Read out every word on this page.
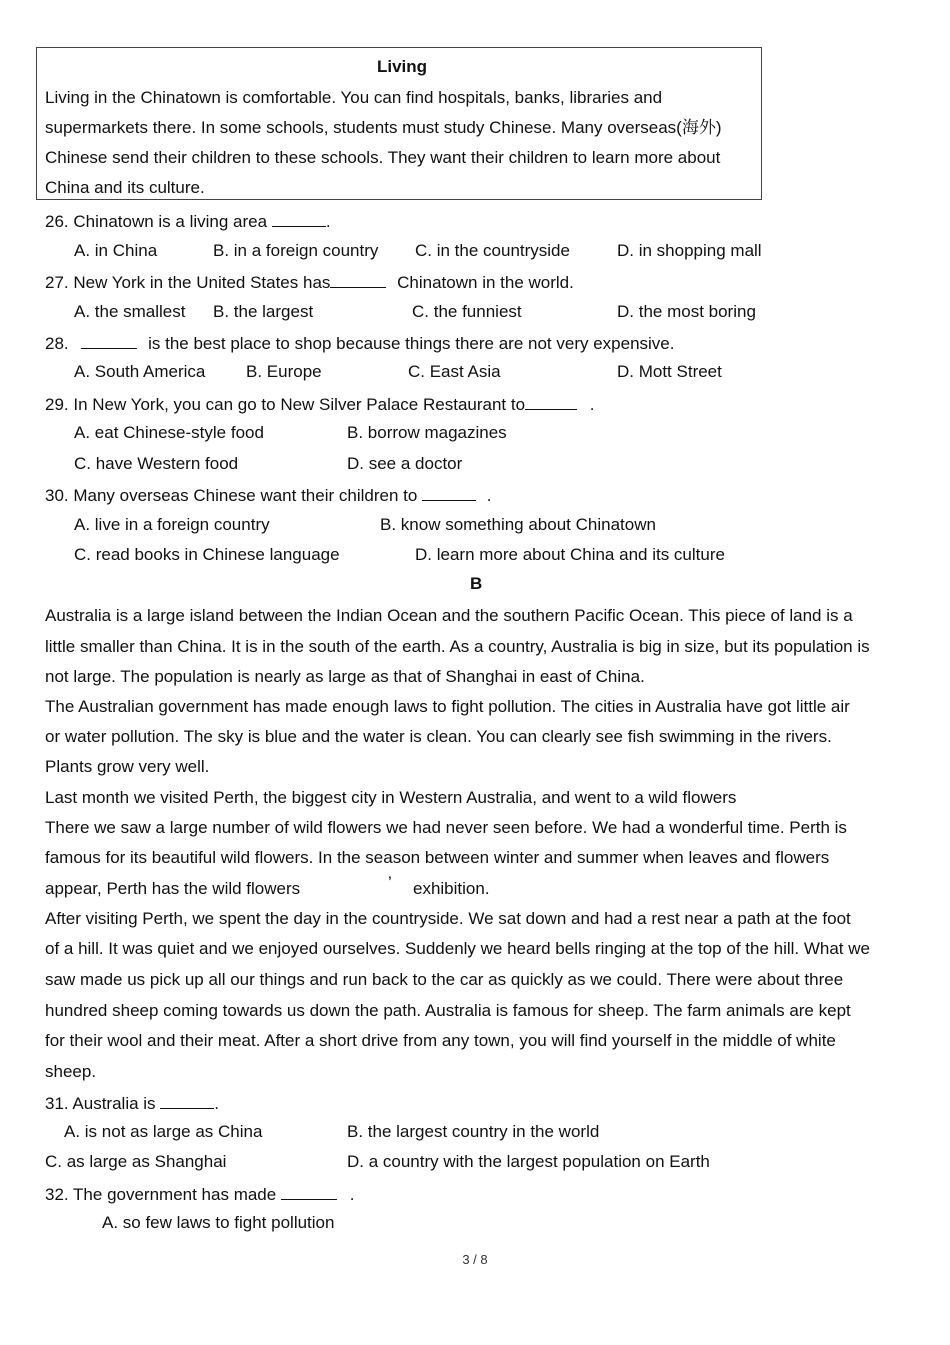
Living
Living in the Chinatown is comfortable. You can find hospitals, banks, libraries and
supermarkets there. In some schools, students must study Chinese. Many overseas(海外)
Chinese send their children to these schools. They want their children to learn more about
China and its culture.
26. Chinatown is a living area	.
A. in China	B. in a foreign country C. in the countryside	D. in shopping mall
27. New York in the United States has	Chinatown in the world.
A. the smallest B. the largest	C. the funniest	D. the most boring
28.	is the best place to shop because things there are not very expensive.
A. South America B. Europe	C. East Asia	D. Mott Street
29. In New York, you can go to New Silver Palace Restaurant to	.
A. eat Chinese-style food	B. borrow magazines
C. have Western food	D. see a doctor
30. Many overseas Chinese want their children to	.
A. live in a foreign country	B. know something about Chinatown
C. read books in Chinese language	D. learn more about China and its culture
B
Australia is a large island between the Indian Ocean and the southern Pacific Ocean. This piece of land is a
little smaller than China. It is in the south of the earth. As a country, Australia is big in size, but its population is
not large. The population is nearly as large as that of Shanghai in east of China.
The Australian government has made enough laws to fight pollution. The cities in Australia have got little air
or water pollution. The sky is blue and the water is clean. You can clearly see fish swimming in the rivers.
Plants grow very well.
Last month we visited Perth, the biggest city in Western Australia, and went to a wild flowers
There we saw a large number of wild flowers we had never seen before. We had a wonderful time. Perth is
famous for its beautiful wild flowers. In the season between winter and summer when leaves and flowers
appear, Perth has the wild flowers	’ exhibition.
After visiting Perth, we spent the day in the countryside. We sat down and had a rest near a path at the foot
of a hill. It was quiet and we enjoyed ourselves. Suddenly we heard bells ringing at the top of the hill. What we
saw made us pick up all our things and run back to the car as quickly as we could. There were about three
hundred sheep coming towards us down the path. Australia is famous for sheep. The farm animals are kept
for their wool and their meat. After a short drive from any town, you will find yourself in the middle of white
sheep.
31. Australia is	.
A. is not as large as China	B. the largest country in the world
C. as large as Shanghai	D. a country with the largest population on Earth
32. The government has made	.
A. so few laws to fight pollution
3 / 8
